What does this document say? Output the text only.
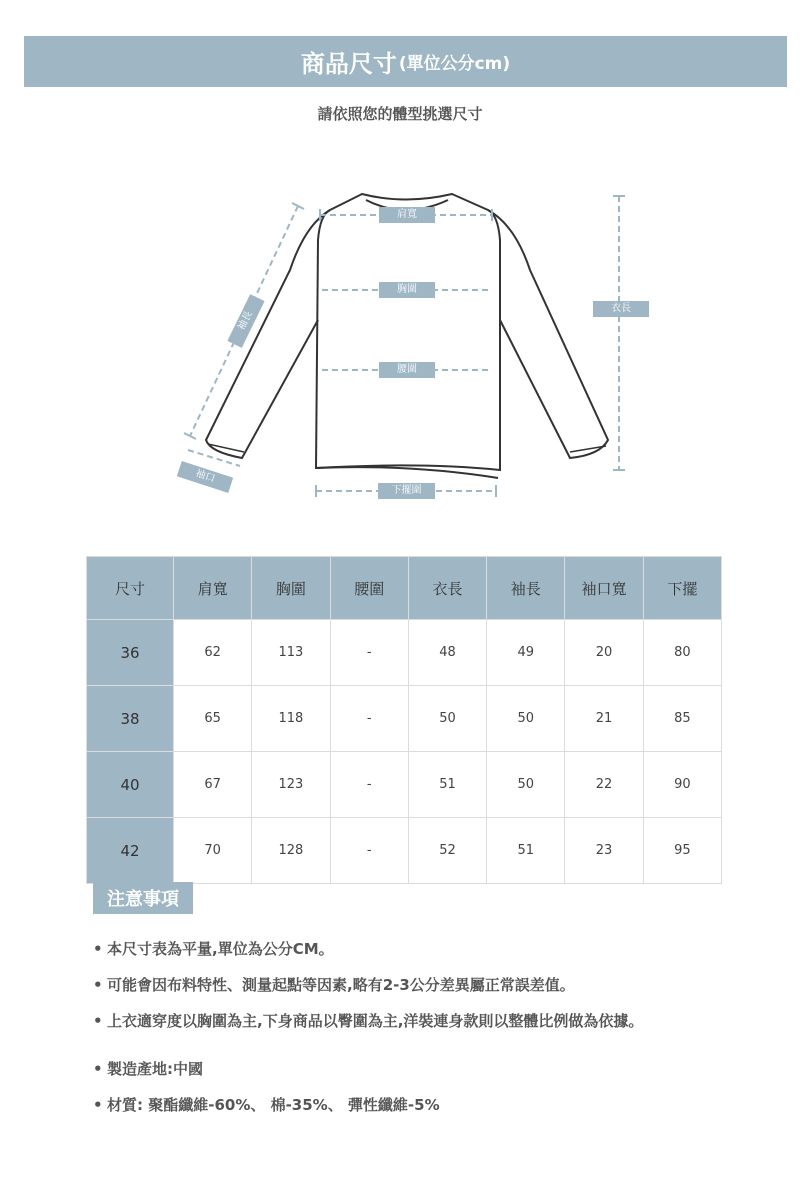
商品尺寸 (單位公分cm)
請依照您的體型挑選尺寸
肩寬
胸圍
腰圍
下擺圍
衣長
袖長
袖口
尺寸	肩寬	胸圍	腰圍	衣長	袖長	袖口寬	下擺
36	62	113	-	48	49	20	80
38	65	118	-	50	50	21	85
40	67	123	-	51	50	22	90
42	70	128	-	52	51	23	95
注意事項
• 本尺寸表為平量,單位為公分CM。
• 可能會因布料特性、測量起點等因素,略有2-3公分差異屬正常誤差值。
• 上衣適穿度以胸圍為主,下身商品以臀圍為主,洋裝連身款則以整體比例做為依據。
• 製造產地:中國
• 材質: 聚酯纖維-60%、 棉-35%、 彈性纖維-5%
